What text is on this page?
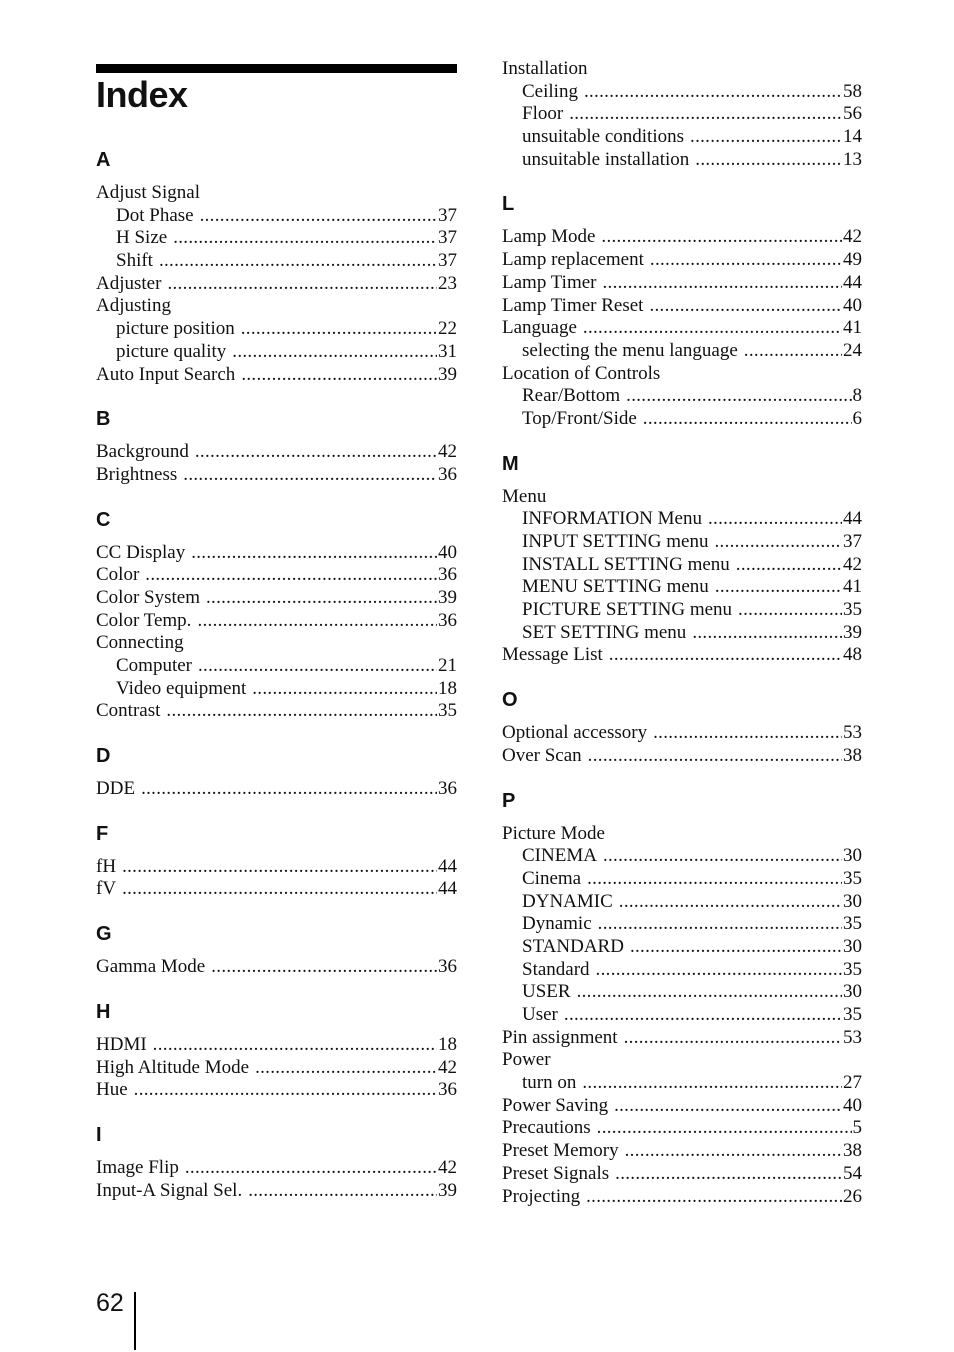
Index
A
Adjust Signal
Dot Phase .....	37
H Size .....	37
Shift .....	37
Adjuster .....	23
Adjusting
picture position .....	22
picture quality .....	31
Auto Input Search .....	39
B
Background .....	42
Brightness .....	36
C
CC Display .....	40
Color .....	36
Color System .....	39
Color Temp. .....	36
Connecting
Computer .....	21
Video equipment .....	18
Contrast .....	35
D
DDE .....	36
F
fH .....	44
fV .....	44
G
Gamma Mode .....	36
H
HDMI .....	18
High Altitude Mode .....	42
Hue .....	36
I
Image Flip .....	42
Input-A Signal Sel. .....	39
Installation
Ceiling .....	58
Floor .....	56
unsuitable conditions .....	14
unsuitable installation .....	13
L
Lamp Mode .....	42
Lamp replacement .....	49
Lamp Timer .....	44
Lamp Timer Reset .....	40
Language .....	41
selecting the menu language .....	24
Location of Controls
Rear/Bottom .....	8
Top/Front/Side .....	6
M
Menu
INFORMATION Menu .....	44
INPUT SETTING menu .....	37
INSTALL SETTING menu .....	42
MENU SETTING menu .....	41
PICTURE SETTING menu .....	35
SET SETTING menu .....	39
Message List .....	48
O
Optional accessory .....	53
Over Scan .....	38
P
Picture Mode
CINEMA .....	30
Cinema .....	35
DYNAMIC .....	30
Dynamic .....	35
STANDARD .....	30
Standard .....	35
USER .....	30
User .....	35
Pin assignment .....	53
Power
turn on .....	27
Power Saving .....	40
Precautions .....	5
Preset Memory .....	38
Preset Signals .....	54
Projecting .....	26
62
